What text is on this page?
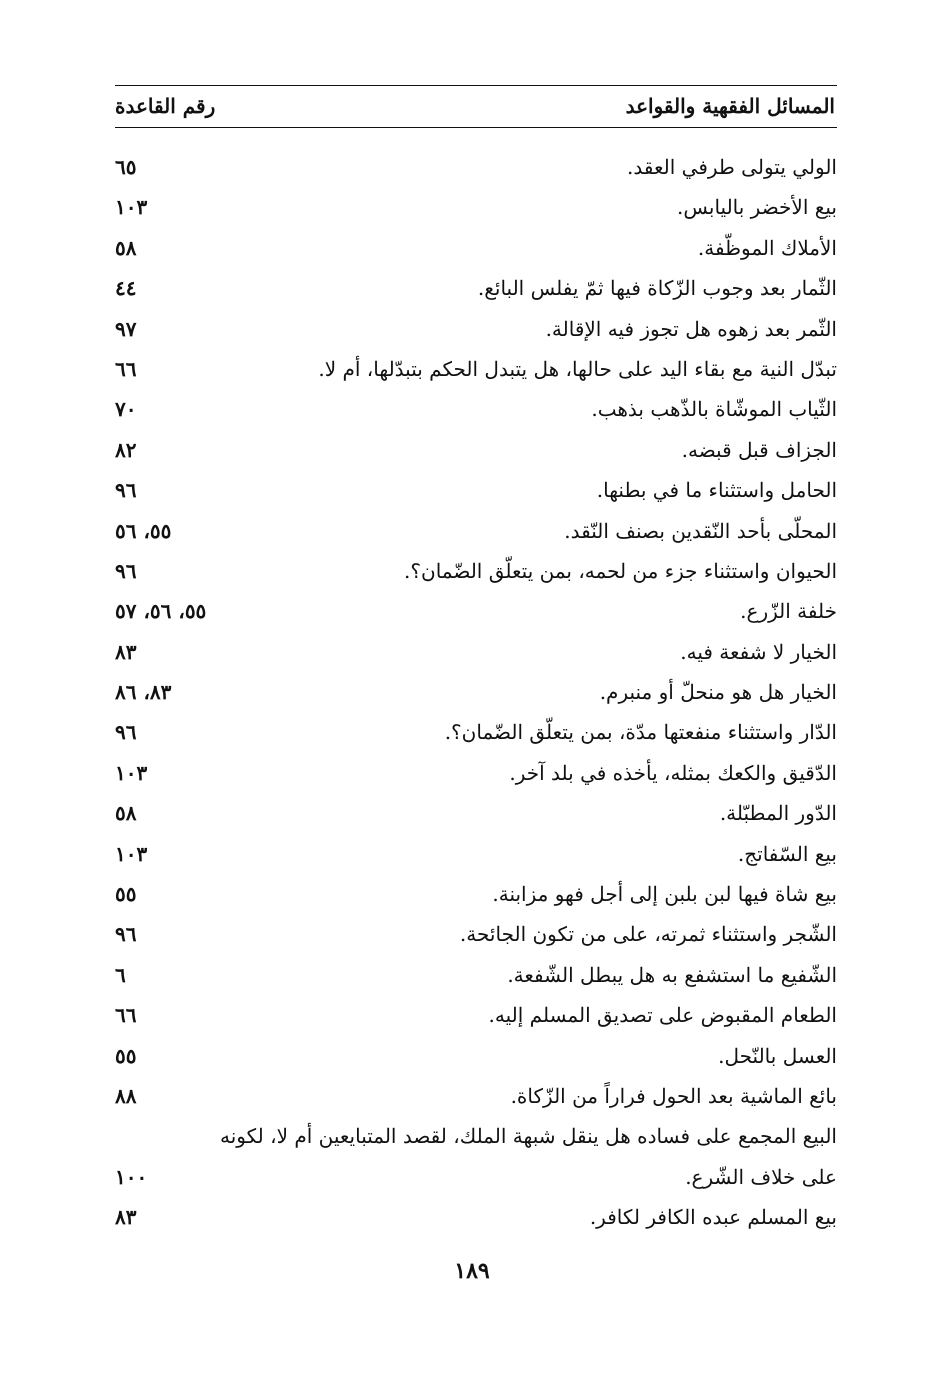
المسائل الفقهية والقواعد
رقم القاعدة
الولي يتولى طرفي العقد.
٦٥
بيع الأخضر باليابس.
١٠٣
الأملاك الموظّفة.
٥٨
الثّمار بعد وجوب الزّكاة فيها ثمّ يفلس البائع.
٤٤
الثّمر بعد زهوه هل تجوز فيه الإقالة.
٩٧
تبدّل النية مع بقاء اليد على حالها، هل يتبدل الحكم بتبدّلها، أم لا.
٦٦
الثّياب الموشّاة بالذّهب بذهب.
٧٠
الجزاف قبل قبضه.
٨٢
الحامل واستثناء ما في بطنها.
٩٦
المحلّى بأحد النّقدين بصنف النّقد.
٥٥، ٥٦
الحيوان واستثناء جزء من لحمه، بمن يتعلّق الضّمان؟.
٩٦
خلفة الزّرع.
٥٥، ٥٦، ٥٧
الخيار لا شفعة فيه.
٨٣
الخيار هل هو منحلّ أو منبرم.
٨٣، ٨٦
الدّار واستثناء منفعتها مدّة، بمن يتعلّق الضّمان؟.
٩٦
الدّقيق والكعك بمثله، يأخذه في بلد آخر.
١٠٣
الدّور المطبّلة.
٥٨
بيع السّفاتج.
١٠٣
بيع شاة فيها لبن بلبن إلى أجل فهو مزابنة.
٥٥
الشّجر واستثناء ثمرته، على من تكون الجائحة.
٩٦
الشّفيع ما استشفع به هل يبطل الشّفعة.
٦
الطعام المقبوض على تصديق المسلم إليه.
٦٦
العسل بالنّحل.
٥٥
بائع الماشية بعد الحول فراراً من الزّكاة.
٨٨
البيع المجمع على فساده هل ينقل شبهة الملك، لقصد المتبايعين أم لا، لكونه على خلاف الشّرع.
١٠٠
بيع المسلم عبده الكافر لكافر.
٨٣
١٨٩
